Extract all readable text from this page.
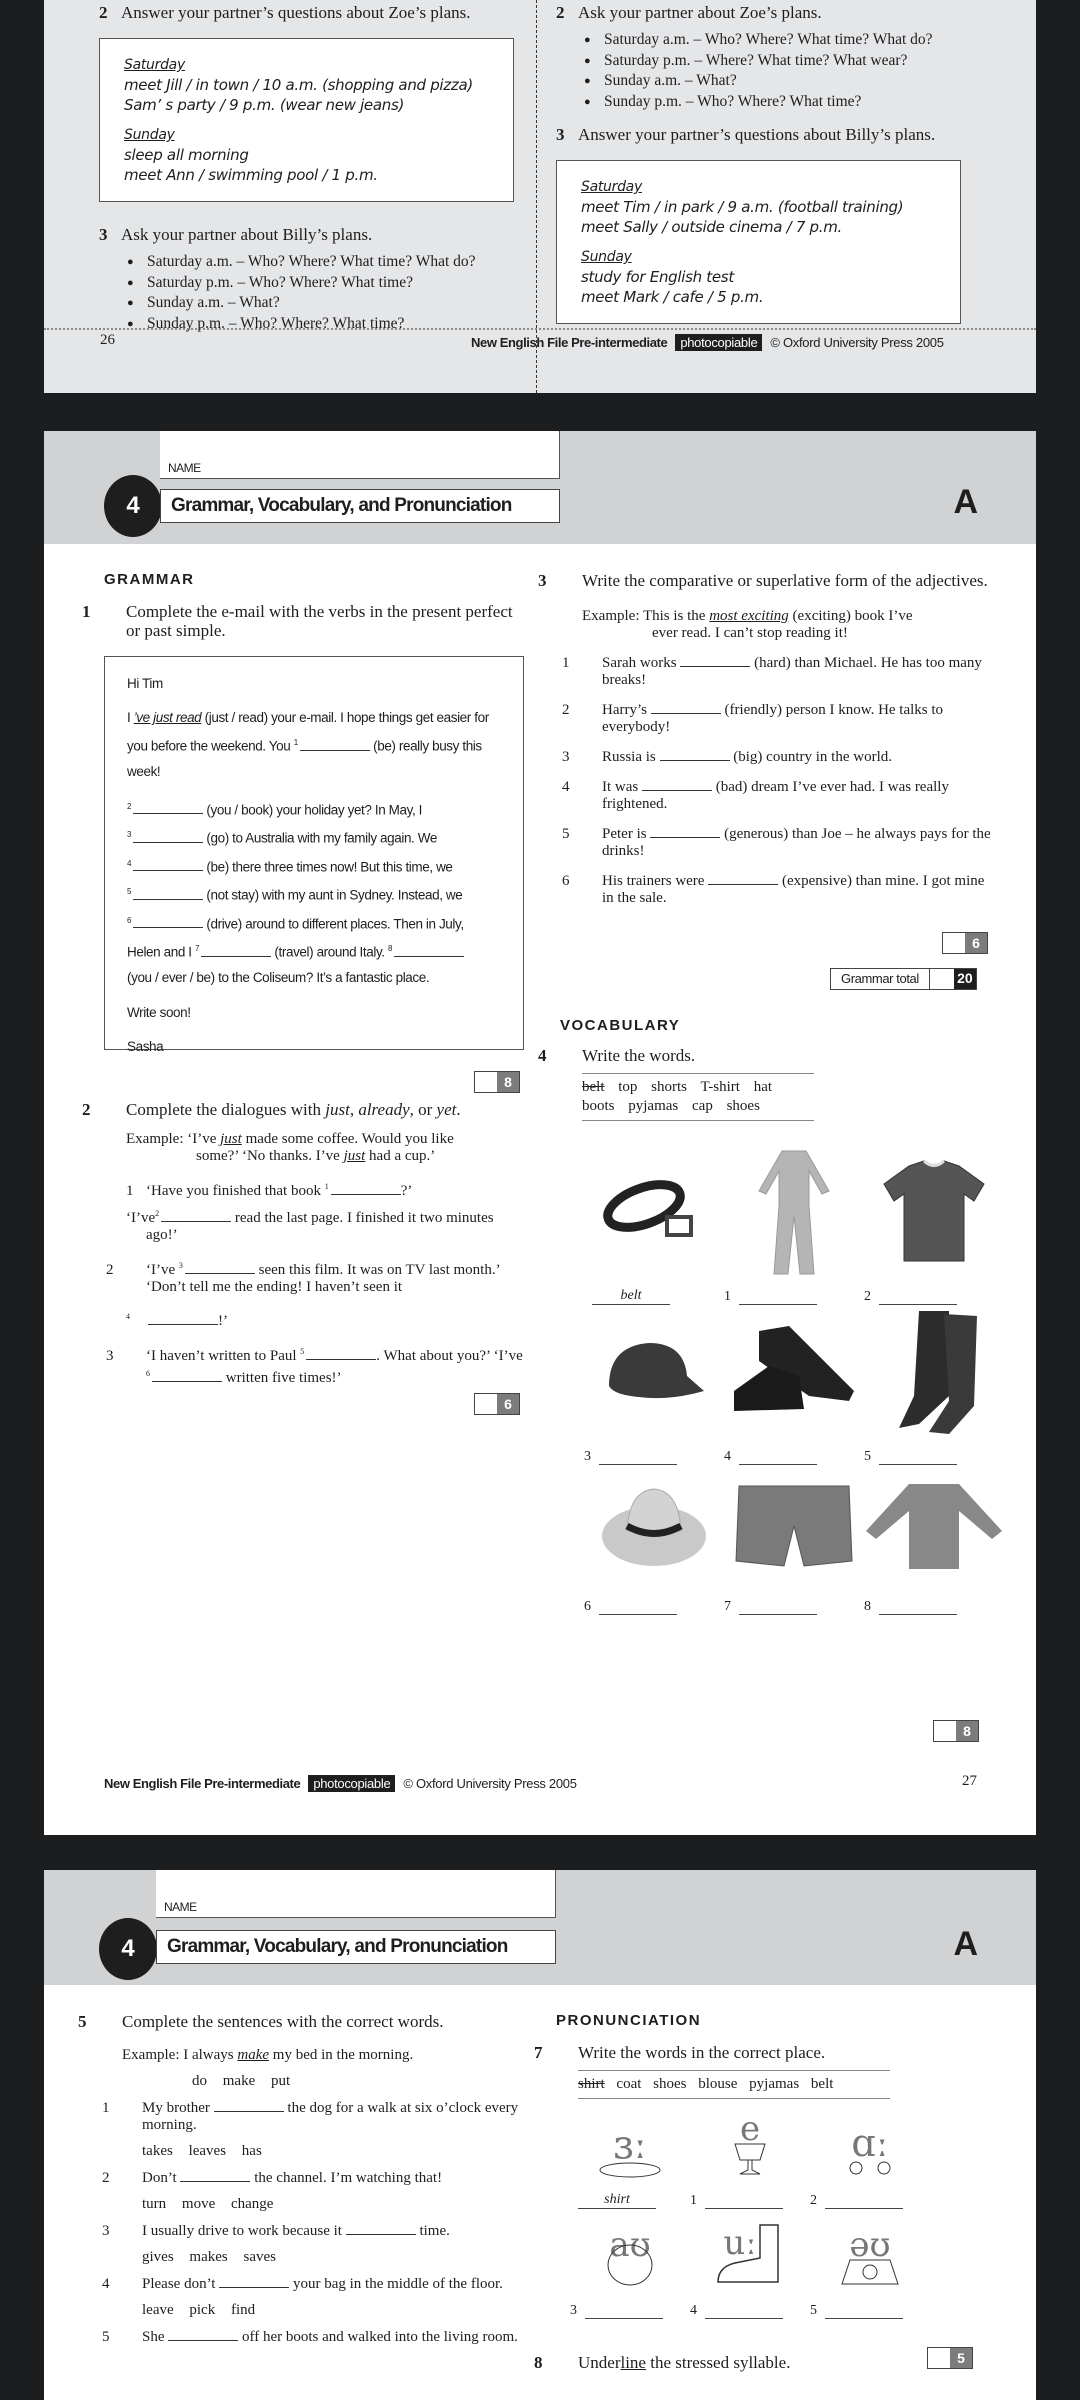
2 Answer your partner’s questions about Zoe’s plans.
Saturday
meet Jill / in town / 10 a.m. (shopping and pizza)
Sam’ s party / 9 p.m. (wear new jeans)
Sunday
sleep all morning
meet Ann / swimming pool / 1 p.m.
3 Ask your partner about Billy’s plans.
● Saturday a.m. – Who? Where? What time? What do?
● Saturday p.m. – Who? Where? What time?
● Sunday a.m. – What?
● Sunday p.m. – Who? Where? What time?
2 Ask your partner about Zoe’s plans.
● Saturday a.m. – Who? Where? What time? What do?
● Saturday p.m. – Where? What time? What wear?
● Sunday a.m. – What?
● Sunday p.m. – Who? Where? What time?
3 Answer your partner’s questions about Billy’s plans.
Saturday
meet Tim / in park / 9 a.m. (football training)
meet Sally / outside cinema / 7 p.m.
Sunday
study for English test
meet Mark / cafe / 5 p.m.
26	New English File Pre-intermediate	photocopiable	© Oxford University Press 2005
NAME
4	Grammar, Vocabulary, and Pronunciation	A
GRAMMAR
1 Complete the e-mail with the verbs in the present perfect or past simple.

Hi Tim

I ’ve just read (just / read) your e-mail. I hope things get easier for you before the weekend. You $^1$	(be) really busy this week!

$^2$	(you / book) your holiday yet? In May, I
$^3$	(go) to Australia with my family again. We
$^4$	(be) there three times now! But this time, we
$^5$	(not stay) with my aunt in Sydney. Instead, we
$^6$	(drive) around to different places. Then in July,
Helen and I $^7$	(travel) around Italy. $^8$
(you / ever / be) to the Coliseum? It’s a fantastic place.

Write soon!

Sasha

2 Complete the dialogues with just, already, or yet.
Example: ‘I’ve just made some coffee. Would you like
some?’ ‘No thanks. I’ve just had a cup.’
1 ‘Have you finished that book $^1$	?’
‘$I’ve^2$	read the last page. I finished it two minutes ago!’
2 ‘I’ve $^3$	seen this film. It was on TV last month.’ ‘Don’t tell me the ending! I haven’t seen it
4	!’
3 ‘I haven’t written to Paul $^5$	. What about you?’ ‘I’ve $^6$	written five times!’
8
6
3 Write the comparative or superlative form of the adjectives.
Example: This is the most exciting (exciting) book I’ve
ever read. I can’t stop reading it!
1 Sarah works	(hard) than Michael. He has too many breaks!
2 Harry’s	(friendly) person I know. He talks to everybody!
3 Russia is	(big) country in the world.
4 It was	(bad) dream I’ve ever had. I was really frightened.
5 Peter is	(generous) than Joe – he always pays for the drinks!
6 His trainers were	(expensive) than mine. I got mine in the sale.
VOCABULARY
4 Write the words.
belt top shorts T-shirt hat
boots pyjamas cap shoes
6
Grammar total	20
belt	1	2
3	4	5
6	7	8
8
New English File Pre-intermediate	photocopiable	© Oxford University Press 2005	27
NAME
4	Grammar, Vocabulary, and Pronunciation	A
5 Complete the sentences with the correct words.
Example: I always make my bed in the morning.
do make put
1 My brother	the dog for a walk at six o’clock every morning.
takes leaves has
2 Don’t	the channel. I’m watching that!
turn move change
3 I usually drive to work because it	time.
gives makes saves
4 Please don’t	your bag in the middle of the floor.
leave pick find
5 She	off her boots and walked into the living room.
PRONUNCIATION
7 Write the words in the correct place.
shirt coat shoes blouse pyjamas belt
ɜː	e ɑː
shirt	1	2
aʊ uː	əʊ
3	4	5
8 Underline the stressed syllable.	5
